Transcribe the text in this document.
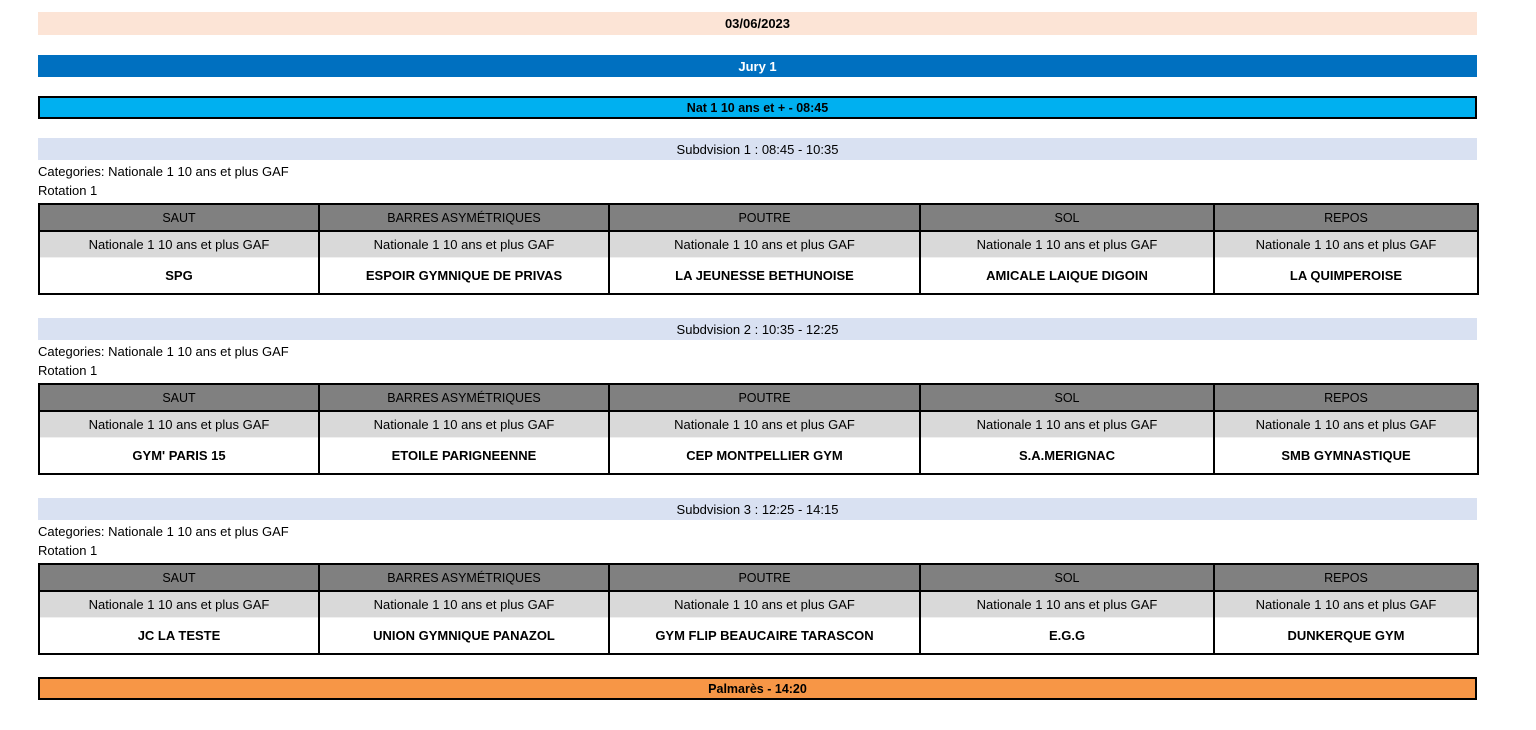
03/06/2023
Jury 1
Nat 1 10 ans et + - 08:45
Subdvision 1 : 08:45 - 10:35
Categories: Nationale 1 10 ans et plus GAF
Rotation 1
SAUT	BARRES ASYMÉTRIQUES	POUTRE	SOL	REPOS
Nationale 1 10 ans et plus GAF	Nationale 1 10 ans et plus GAF	Nationale 1 10 ans et plus GAF	Nationale 1 10 ans et plus GAF	Nationale 1 10 ans et plus GAF
SPG	ESPOIR GYMNIQUE DE PRIVAS	LA JEUNESSE BETHUNOISE	AMICALE LAIQUE DIGOIN	LA QUIMPEROISE
Subdvision 2 : 10:35 - 12:25
Categories: Nationale 1 10 ans et plus GAF
Rotation 1
SAUT	BARRES ASYMÉTRIQUES	POUTRE	SOL	REPOS
Nationale 1 10 ans et plus GAF	Nationale 1 10 ans et plus GAF	Nationale 1 10 ans et plus GAF	Nationale 1 10 ans et plus GAF	Nationale 1 10 ans et plus GAF
GYM' PARIS 15	ETOILE PARIGNEENNE	CEP MONTPELLIER GYM	S.A.MERIGNAC	SMB GYMNASTIQUE
Subdvision 3 : 12:25 - 14:15
Categories: Nationale 1 10 ans et plus GAF
Rotation 1
SAUT	BARRES ASYMÉTRIQUES	POUTRE	SOL	REPOS
Nationale 1 10 ans et plus GAF	Nationale 1 10 ans et plus GAF	Nationale 1 10 ans et plus GAF	Nationale 1 10 ans et plus GAF	Nationale 1 10 ans et plus GAF
JC LA TESTE	UNION GYMNIQUE PANAZOL	GYM FLIP BEAUCAIRE TARASCON	E.G.G	DUNKERQUE GYM
Palmarès - 14:20
